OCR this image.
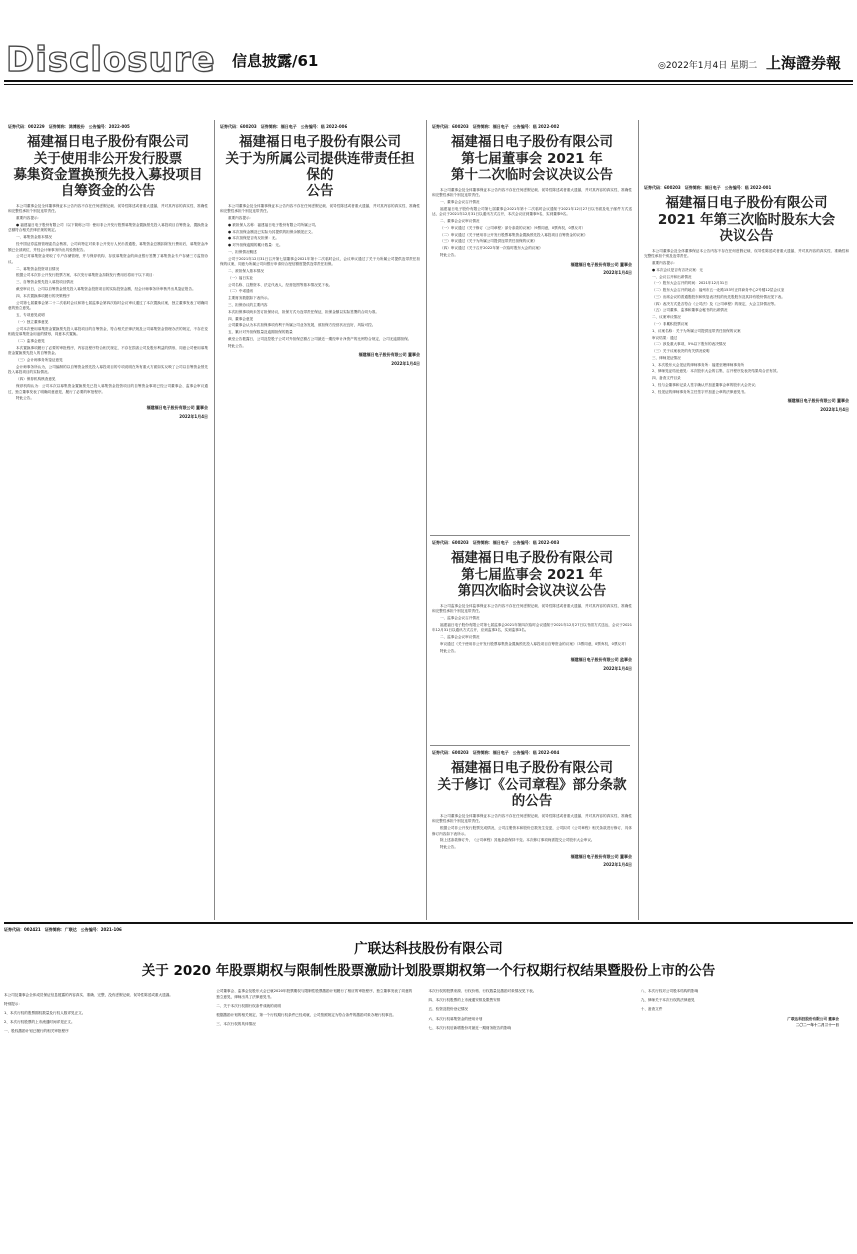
Disclosure 信息披露/61	◎2022年1月4日 星期二 上海證券報
证券代码：002229　证券简称：鸿博股份　公告编号：2022-005
福建福日电子股份有限公司
关于使用非公开发行股票
募集资金置换预先投入募投项目
自筹资金的公告

本公司董事会及全体董事保证本公告内容不存在任何虚假记载、误导性陈述或者重大遗漏，并对其内容的真实性、准确性和完整性承担个别及连带责任。

重要内容提示：

● 福建福日电子股份有限公司（以下简称公司）使用非公开发行股票募集资金置换预先投入募投项目自筹资金，置换资金总额符合相关法律法规的规定。

一、募集资金基本情况

经中国证券监督管理委员会核准，公司向特定对象非公开发行人民币普通股，募集资金总额扣除发行费用后，募集资金净额已全部到位，并经会计师事务所出具验资报告。

公司已对募集资金采取了专户存储管理，并与保荐机构、存放募集资金的商业银行签署了募集资金专户存储三方监管协议。

二、募集资金投资项目情况

根据公司本次非公开发行股票方案，本次发行募集资金扣除发行费用后将用于以下项目：

三、自筹资金预先投入募投项目情况

截至审议日，公司以自筹资金预先投入募集资金投资项目的实际投资金额，经会计师事务所审核并出具鉴证报告。

四、本次置换事项履行的决策程序

公司第七届董事会第二十二次临时会议和第七届监事会第四次临时会议审议通过了本次置换议案，独立董事发表了明确同意的独立意见。

五、专项意见说明

（一）独立董事意见

公司本次使用募集资金置换预先投入募投项目的自筹资金，符合相关法律法规及公司募集资金管理办法的规定，不存在变相改变募集资金用途的情形，同意本次置换。

（二）监事会意见

本次置换事项履行了必要的审批程序，内容及程序符合相关规定，不存在损害公司及股东利益的情形，同意公司使用募集资金置换预先投入的自筹资金。

（三）会计师事务所鉴证意见

会计师事务所认为，公司编制的以自筹资金预先投入募投项目的专项说明在所有重大方面如实反映了公司以自筹资金预先投入募投项目的实际情况。

（四）保荐机构核查意见

保荐机构认为：公司本次以募集资金置换预先已投入募集资金投资项目的自筹资金事项已经公司董事会、监事会审议通过，独立董事发表了明确同意意见，履行了必要的审批程序。

特此公告。

福建福日电子股份有限公司 董事会
2022年1月4日
证券代码：600203　证券简称：福日电子　公告编号：临 2022-006
福建福日电子股份有限公司
关于为所属公司提供连带责任担保的
公告

本公司董事会及全体董事保证本公告内容不存在任何虚假记载、误导性陈述或者重大遗漏，并对其内容的真实性、准确性和完整性承担个别及连带责任。

重要内容提示：

● 被担保人名称：福建福日电子股份有限公司所属公司。

● 本次担保金额及已实际为其提供的担保余额见正文。

● 本次担保是否有反担保：无。

● 对外担保逾期的累计数量：无。

一、担保情况概述

公司于2021年12月31日召开第七届董事会2021年第十二次临时会议，会议审议通过了关于为所属公司提供连带责任担保的议案，同意为所属公司向银行申请综合授信额度提供连带责任担保。

二、被担保人基本情况

（一）福日实业

公司名称、注册资本、法定代表人、经营范围等基本情况见下表。

（二）中诺通讯

主要财务数据如下表所示。

三、担保协议的主要内容

本次担保事项尚未签订担保协议，担保方式为连带责任保证，担保金额以实际签署的合同为准。

四、董事会意见

公司董事会认为本次担保事项有利于所属公司业务发展，被担保方经营状况良好，风险可控。

五、累计对外担保数量及逾期担保的数量

截至公告披露日，公司及控股子公司对外担保总额占公司最近一期经审计净资产的比例符合规定，公司无逾期担保。

特此公告。

福建福日电子股份有限公司 董事会
2022年1月4日
证券代码：600203　证券简称：福日电子　公告编号：临 2022-002
福建福日电子股份有限公司
第七届董事会 2021 年
第十二次临时会议决议公告

本公司董事会及全体董事保证本公告内容不存在任何虚假记载、误导性陈述或者重大遗漏，并对其内容的真实性、准确性和完整性承担个别及连带责任。

一、董事会会议召开情况

福建福日电子股份有限公司第七届董事会2021年第十二次临时会议通知于2021年12月27日以书面及电子邮件方式送达，会议于2021年12月31日以通讯方式召开，本次会议应到董事9名，实到董事9名。

二、董事会会议审议情况

（一）审议通过《关于修订〈公司章程〉部分条款的议案》（9票同意，0票弃权，0票反对）

（二）审议通过《关于使用非公开发行股票募集资金置换预先投入募投项目自筹资金的议案》

（三）审议通过《关于为所属公司提供连带责任担保的议案》

（四）审议通过《关于召开2022年第一次临时股东大会的议案》

特此公告。

福建福日电子股份有限公司 董事会
2022年1月4日
证券代码：600203　证券简称：福日电子　公告编号：临 2022-003
福建福日电子股份有限公司
第七届监事会 2021 年
第四次临时会议决议公告

本公司监事会及全体监事保证本公告内容不存在任何虚假记载、误导性陈述或者重大遗漏，并对其内容的真实性、准确性和完整性承担个别及连带责任。

一、监事会会议召开情况

福建福日电子股份有限公司第七届监事会2021年第四次临时会议通知于2021年12月27日以书面方式送达，会议于2021年12月31日以通讯方式召开，应到监事3名，实到监事3名。

二、监事会会议审议情况

审议通过《关于使用非公开发行股票募集资金置换预先投入募投项目自筹资金的议案》（3票同意，0票弃权，0票反对）

特此公告。

福建福日电子股份有限公司 监事会
2022年1月4日
证券代码：600203　证券简称：福日电子　公告编号：临 2022-004
福建福日电子股份有限公司
关于修订《公司章程》部分条款的公告

本公司董事会及全体董事保证本公告内容不存在任何虚假记载、误导性陈述或者重大遗漏，并对其内容的真实性、准确性和完整性承担个别及连带责任。

根据公司非公开发行股票完成情况，公司注册资本和股份总数发生变更，公司拟对《公司章程》相关条款进行修订，具体修订内容如下表所示。

除上述条款修订外，《公司章程》其他条款保持不变。本次修订事项尚需提交公司股东大会审议。

特此公告。

福建福日电子股份有限公司 董事会
2022年1月4日
证券代码：600203　证券简称：福日电子　公告编号：临 2022-001
福建福日电子股份有限公司
2021 年第三次临时股东大会
决议公告

本公司董事会及全体董事保证本公告内容不存在任何虚假记载、误导性陈述或者重大遗漏，并对其内容的真实性、准确性和完整性承担个别及连带责任。

重要内容提示：

● 本次会议是否有否决议案：无

一、会议召开和出席情况

（一）股东大会召开的时间：2021年12月31日

（二）股东大会召开的地点：福州市五一北路153号正祥商务中心2号楼12层会议室

（三）出席会议的普通股股东和恢复表决权的优先股股东及其持有股份情况见下表。

（四）表决方式是否符合《公司法》及《公司章程》的规定，大会主持情况等。

（五）公司董事、监事和董事会秘书的出席情况

二、议案审议情况

（一）非累积投票议案

1、议案名称：关于为所属公司提供连带责任担保的议案

审议结果：通过

（二）涉及重大事项，5%以下股东的表决情况

（三）关于议案表决的有关情况说明

三、律师见证情况

1、本次股东大会见证的律师事务所：福建至理律师事务所

2、律师见证结论意见：本次股东大会的召集、召开程序及表决结果均合法有效。

四、备查文件目录

1、经与会董事和记录人签字确认并加盖董事会章的股东大会决议；

2、经见证的律师事务所主任签字并加盖公章的法律意见书。

福建福日电子股份有限公司 董事会
2022年1月4日
证券代码：002421　证券简称：广联达　公告编号：2021-106
广联达科技股份有限公司
关于 2020 年股票期权与限制性股票激励计划股票期权第一个行权期行权结果暨股份上市的公告

本公司及董事会全体成员保证信息披露的内容真实、准确、完整，没有虚假记载、误导性陈述或重大遗漏。

特别提示：

1、本次行权的股票期权数量及行权人数详见正文。

2、本次行权股票的上市流通时间详见正文。

一、股权激励计划已履行的相关审批程序

公司董事会、监事会及股东大会已就2020年股票期权与限制性股票激励计划履行了相应的审批程序，独立董事发表了同意的独立意见，律师出具了法律意见书。

二、关于本次行权期行权条件成就的说明

根据激励计划的相关规定，第一个行权期行权条件已经成就，公司按照规定为符合条件的激励对象办理行权事宜。

三、本次行权的具体情况

本次行权的股票来源、行权价格、行权数量及激励对象情况见下表。

四、本次行权股票的上市流通安排及限售安排

五、验资及股份登记情况

六、本次行权募集资金的使用计划

七、本次行权后新增股份对最近一期财务报告的影响

八、本次行权对公司股本结构的影响

九、律师关于本次行权的法律意见

十、备查文件

广联达科技股份有限公司 董事会
二〇二一年十二月三十一日
